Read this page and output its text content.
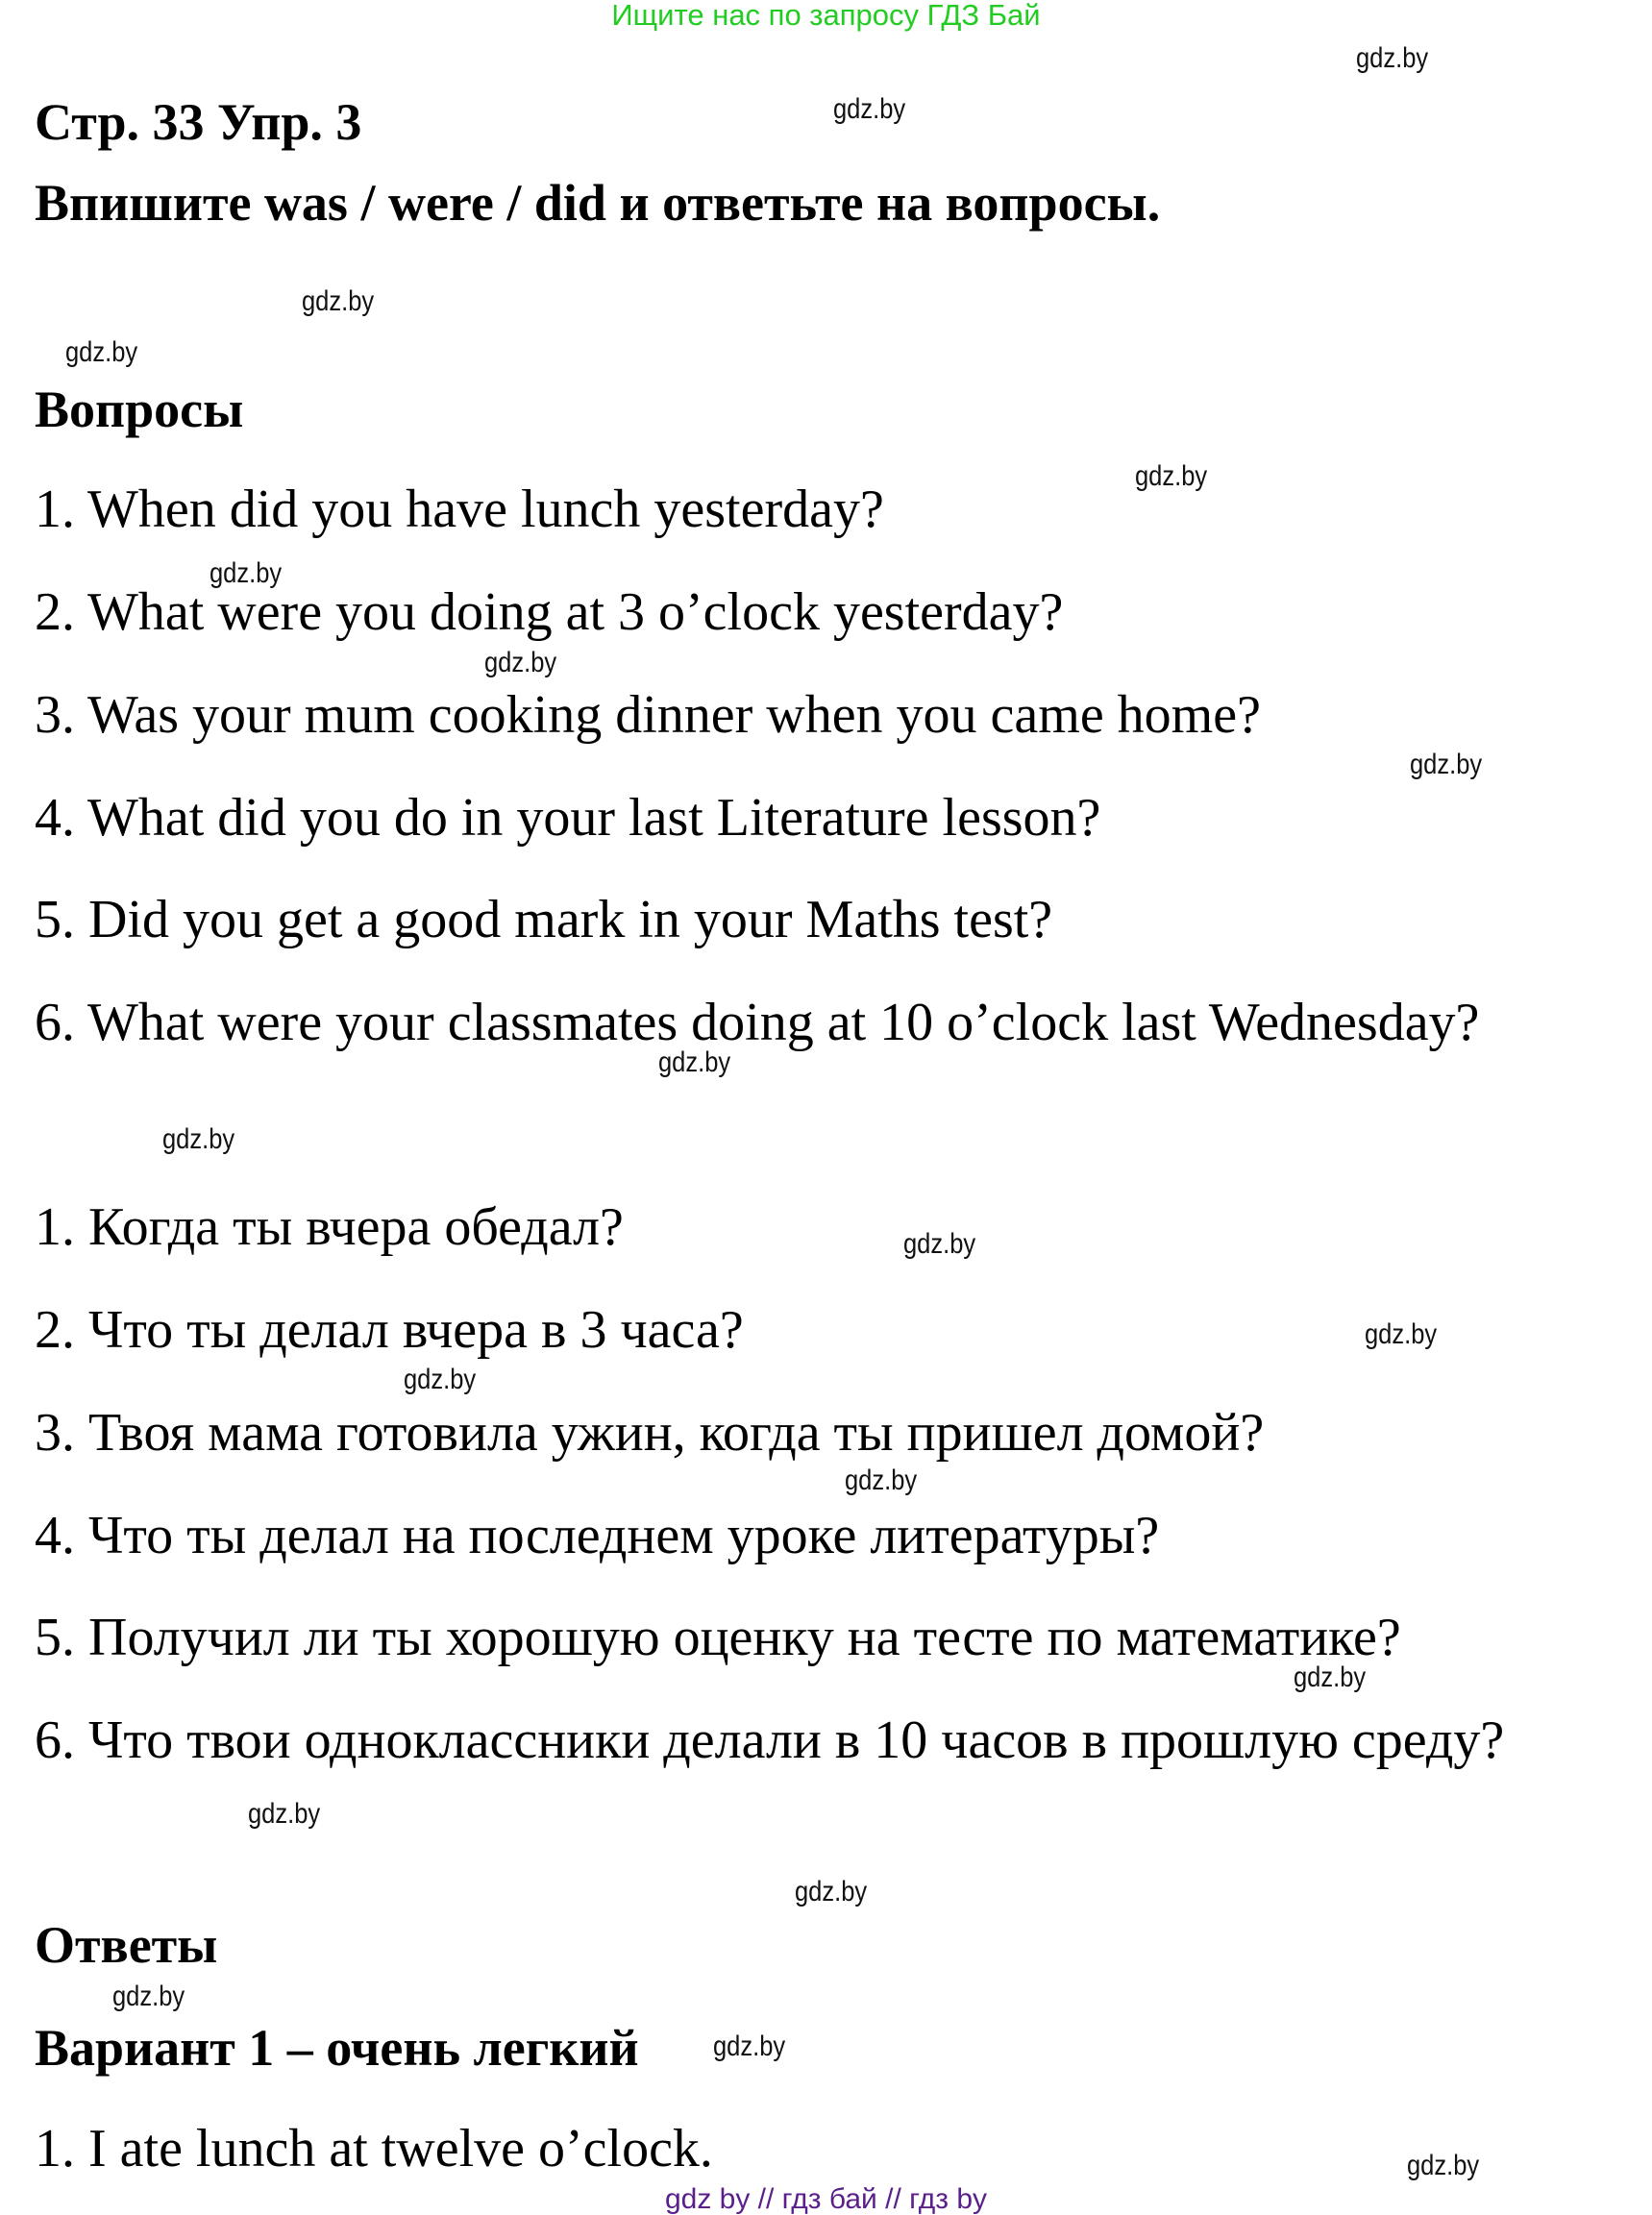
Ищите нас по запросу ГДЗ Бай
Стр. 33 Упр. 3
Впишите was / were / did и ответьте на вопросы.
Вопросы
1. When did you have lunch yesterday?
2. What were you doing at 3 o’clock yesterday?
3. Was your mum cooking dinner when you came home?
4. What did you do in your last Literature lesson?
5. Did you get a good mark in your Maths test?
6. What were your classmates doing at 10 o’clock last Wednesday?
1. Когда ты вчера обедал?
2. Что ты делал вчера в 3 часа?
3. Твоя мама готовила ужин, когда ты пришел домой?
4. Что ты делал на последнем уроке литературы?
5. Получил ли ты хорошую оценку на тесте по математике?
6. Что твои одноклассники делали в 10 часов в прошлую среду?
Ответы
Вариант 1 – очень легкий
1. I ate lunch at twelve o’clock.
gdz.by
gdz.by
gdz.by
gdz.by
gdz.by
gdz.by
gdz.by
gdz.by
gdz.by
gdz.by
gdz.by
gdz.by
gdz.by
gdz.by
gdz.by
gdz.by
gdz.by
gdz.by
gdz.by
gdz.by
gdz by // гдз бай // гдз by
